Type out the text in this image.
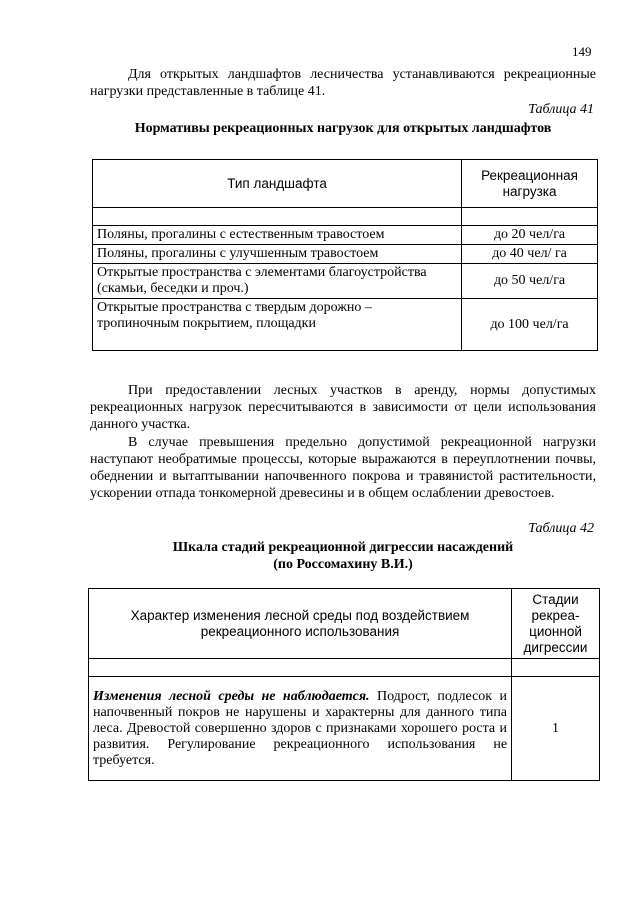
149

Для открытых ландшафтов лесничества устанавливаются рекреационные нагрузки представленные в таблице 41.

Таблица 41
Нормативы рекреационных нагрузок для открытых ландшафтов
Тип ландшафта	Рекреационная нагрузка

Поляны, прогалины с естественным травостоем	до 20 чел/га
Поляны, прогалины с улучшенным травостоем	до 40 чел/ га
Открытые пространства с элементами благоустройства (скамьи, беседки и проч.)	до 50 чел/га
Открытые пространства с твердым дорожно – тропиночным покрытием, площадки	до 100 чел/га

При предоставлении лесных участков в аренду, нормы допустимых рекреационных нагрузок пересчитываются в зависимости от цели использования данного участка.

В случае превышения предельно допустимой рекреационной нагрузки наступают необратимые процессы, которые выражаются в переуплотнении почвы, обеднении и вытаптывании напочвенного покрова и травянистой растительности, ускорении отпада тонкомерной древесины и в общем ослаблении древостоев.

Таблица 42
Шкала стадий рекреационной дигрессии насаждений
(по Россомахину В.И.)
Характер изменения лесной среды под воздействием рекреационного использования	Стадии рекреа-ционной дигрессии

Изменения лесной среды не наблюдается. Подрост, подлесок и напочвенный покров не нарушены и характерны для данного типа леса. Древостой совершенно здоров с признаками хорошего роста и развития. Регулирование рекреационного использования не требуется.	1
